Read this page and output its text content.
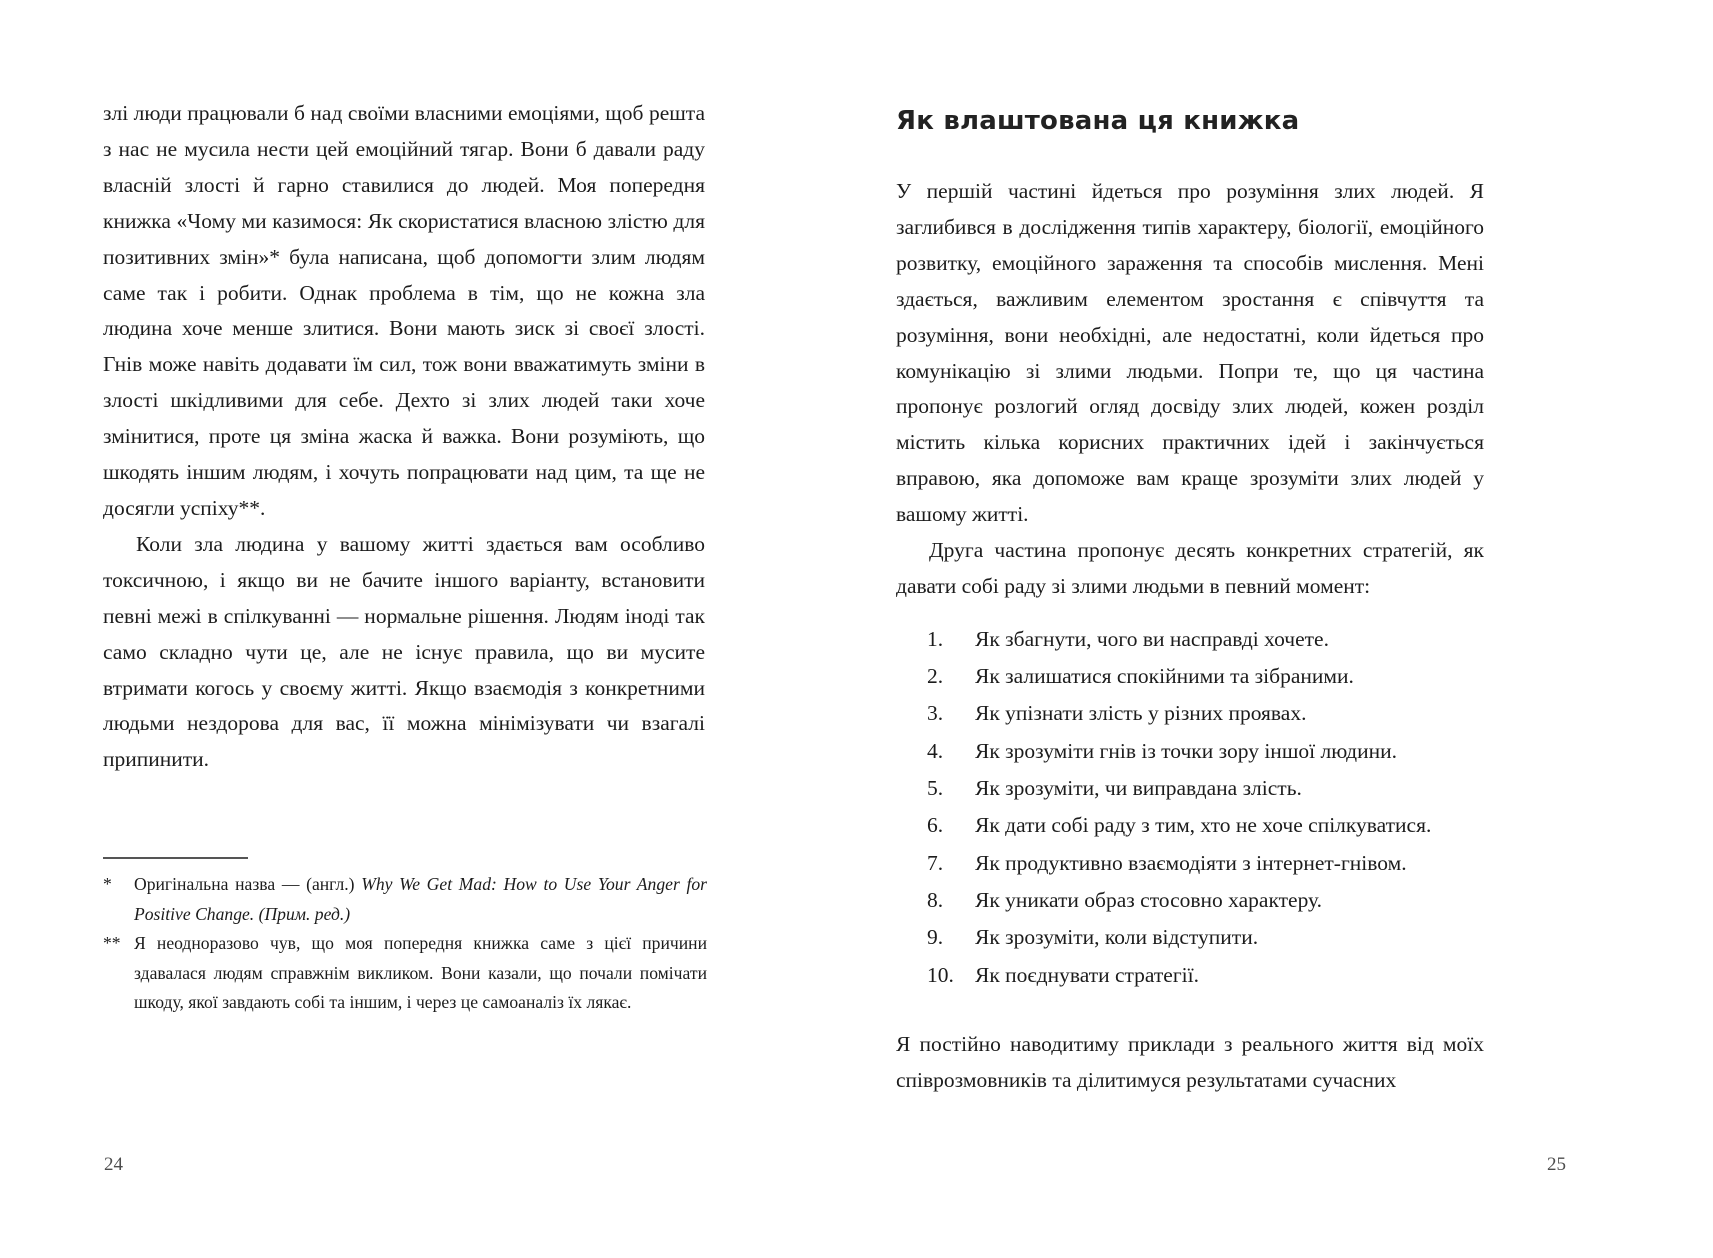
злі люди працювали б над своїми власними емоціями, щоб решта з нас не мусила нести цей емоційний тягар. Вони б давали раду власній злості й гарно ставилися до людей. Моя попередня книжка «Чому ми казимося: Як скористатися власною злістю для позитивних змін»* була написана, щоб допомогти злим людям саме так і робити. Однак проблема в тім, що не кожна зла людина хоче менше злитися. Вони мають зиск зі своєї злості. Гнів може навіть додавати їм сил, тож вони вважатимуть зміни в злості шкідливими для себе. Дехто зі злих людей таки хоче змінитися, проте ця зміна жаска й важка. Вони розуміють, що шкодять іншим людям, і хочуть попрацювати над цим, та ще не досягли успіху**.

Коли зла людина у вашому житті здається вам особливо токсичною, і якщо ви не бачите іншого варіанту, встановити певні межі в спілкуванні — нормальне рішення. Людям іноді так само складно чути це, але не існує правила, що ви мусите втримати когось у своєму житті. Якщо взаємодія з конкретними людьми нездорова для вас, її можна мінімізувати чи взагалі припинити.

*	Оригінальна назва — (англ.) Why We Get Mad: How to Use Your Anger for Positive Change. (Прим. ред.)
** Я неодноразово чув, що моя попередня книжка саме з цієї причини здавалася людям справжнім викликом. Вони казали, що почали помічати шкоду, якої завдають собі та іншим, і через це самоаналіз їх лякає.
24
Як влаштована ця книжка

У першій частині йдеться про розуміння злих людей. Я заглибився в дослідження типів характеру, біології, емоційного розвитку, емоційного зараження та способів мислення. Мені здається, важливим елементом зростання є співчуття та розуміння, вони необхідні, але недостатні, коли йдеться про комунікацію зі злими людьми. Попри те, що ця частина пропонує розлогий огляд досвіду злих людей, кожен розділ містить кілька корисних практичних ідей і закінчується вправою, яка допоможе вам краще зрозуміти злих людей у вашому житті.

Друга частина пропонує десять конкретних стратегій, як давати собі раду зі злими людьми в певний момент:

1.	Як збагнути, чого ви насправді хочете.
2.	Як залишатися спокійними та зібраними.
3.	Як упізнати злість у різних проявах.
4.	Як зрозуміти гнів із точки зору іншої людини.
5.	Як зрозуміти, чи виправдана злість.
6.	Як дати собі раду з тим, хто не хоче спілкуватися.
7.	Як продуктивно взаємодіяти з інтернет-гнівом.
8.	Як уникати образ стосовно характеру.
9.	Як зрозуміти, коли відступити.
10. Як поєднувати стратегії.

Я постійно наводитиму приклади з реального життя від моїх співрозмовників та ділитимуся результатами сучасних

25
